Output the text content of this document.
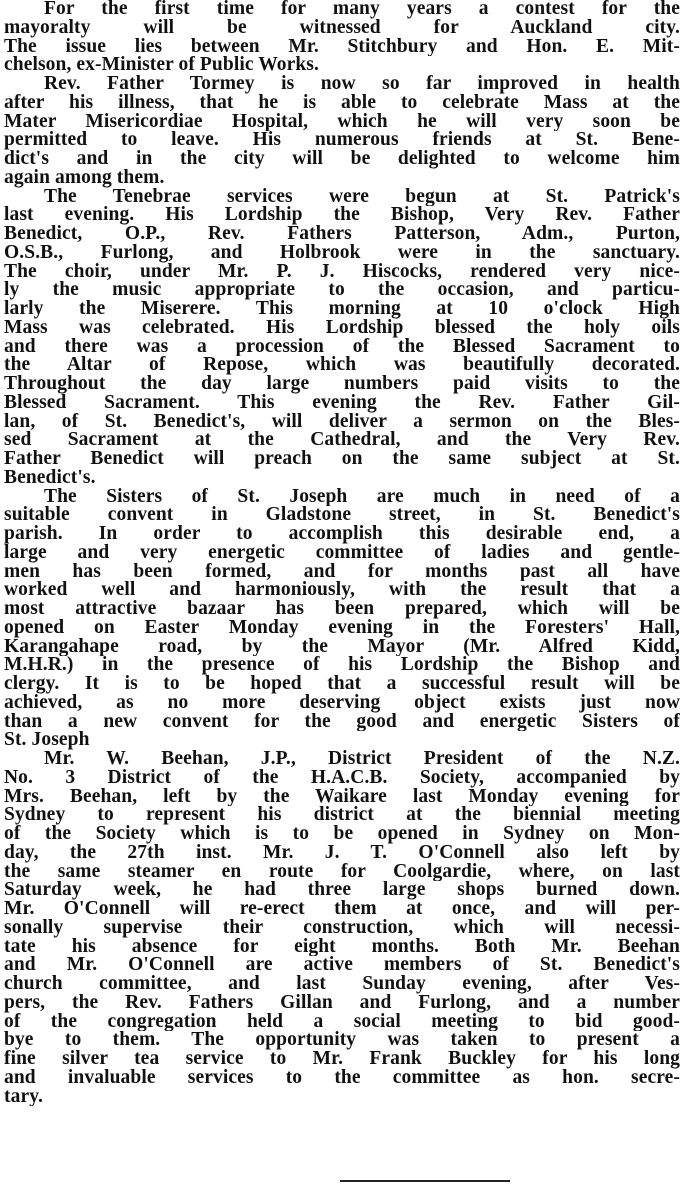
For the first time for many years a contest for the
mayoralty will be witnessed for Auckland city.
The issue lies between Mr. Stitchbury and Hon. E. Mit-
chelson, ex-Minister of Public Works.
Rev. Father Tormey is now so far improved in health
after his illness, that he is able to celebrate Mass at the
Mater Misericordiae Hospital, which he will very soon be
permitted to leave. His numerous friends at St. Bene-
dict's and in the city will be delighted to welcome him
again among them.
The Tenebrae services were begun at St. Patrick's
last evening. His Lordship the Bishop, Very Rev. Father
Benedict, O.P., Rev. Fathers Patterson, Adm., Purton,
O.S.B., Furlong, and Holbrook were in the sanctuary.
The choir, under Mr. P. J. Hiscocks, rendered very nice-
ly the music appropriate to the occasion, and particu-
larly the Miserere. This morning at 10 o'clock High
Mass was celebrated. His Lordship blessed the holy oils
and there was a procession of the Blessed Sacrament to
the Altar of Repose, which was beautifully decorated.
Throughout the day large numbers paid visits to the
Blessed Sacrament. This evening the Rev. Father Gil-
lan, of St. Benedict's, will deliver a sermon on the Bles-
sed Sacrament at the Cathedral, and the Very Rev.
Father Benedict will preach on the same subject at St.
Benedict's.
The Sisters of St. Joseph are much in need of a
suitable convent in Gladstone street, in St. Benedict's
parish. In order to accomplish this desirable end, a
large and very energetic committee of ladies and gentle-
men has been formed, and for months past all have
worked well and harmoniously, with the result that a
most attractive bazaar has been prepared, which will be
opened on Easter Monday evening in the Foresters' Hall,
Karangahape road, by the Mayor (Mr. Alfred Kidd,
M.H.R.) in the presence of his Lordship the Bishop and
clergy. It is to be hoped that a successful result will be
achieved, as no more deserving object exists just now
than a new convent for the good and energetic Sisters of
St. Joseph
Mr. W. Beehan, J.P., District President of the N.Z.
No. 3 District of the H.A.C.B. Society, accompanied by
Mrs. Beehan, left by the Waikare last Monday evening for
Sydney to represent his district at the biennial meeting
of the Society which is to be opened in Sydney on Mon-
day, the 27th inst. Mr. J. T. O'Connell also left by
the same steamer en route for Coolgardie, where, on last
Saturday week, he had three large shops burned down.
Mr. O'Connell will re-erect them at once, and will per-
sonally supervise their construction, which will necessi-
tate his absence for eight months. Both Mr. Beehan
and Mr. O'Connell are active members of St. Benedict's
church committee, and last Sunday evening, after Ves-
pers, the Rev. Fathers Gillan and Furlong, and a number
of the congregation held a social meeting to bid good-
bye to them. The opportunity was taken to present a
fine silver tea service to Mr. Frank Buckley for his long
and invaluable services to the committee as hon. secre-
tary.
